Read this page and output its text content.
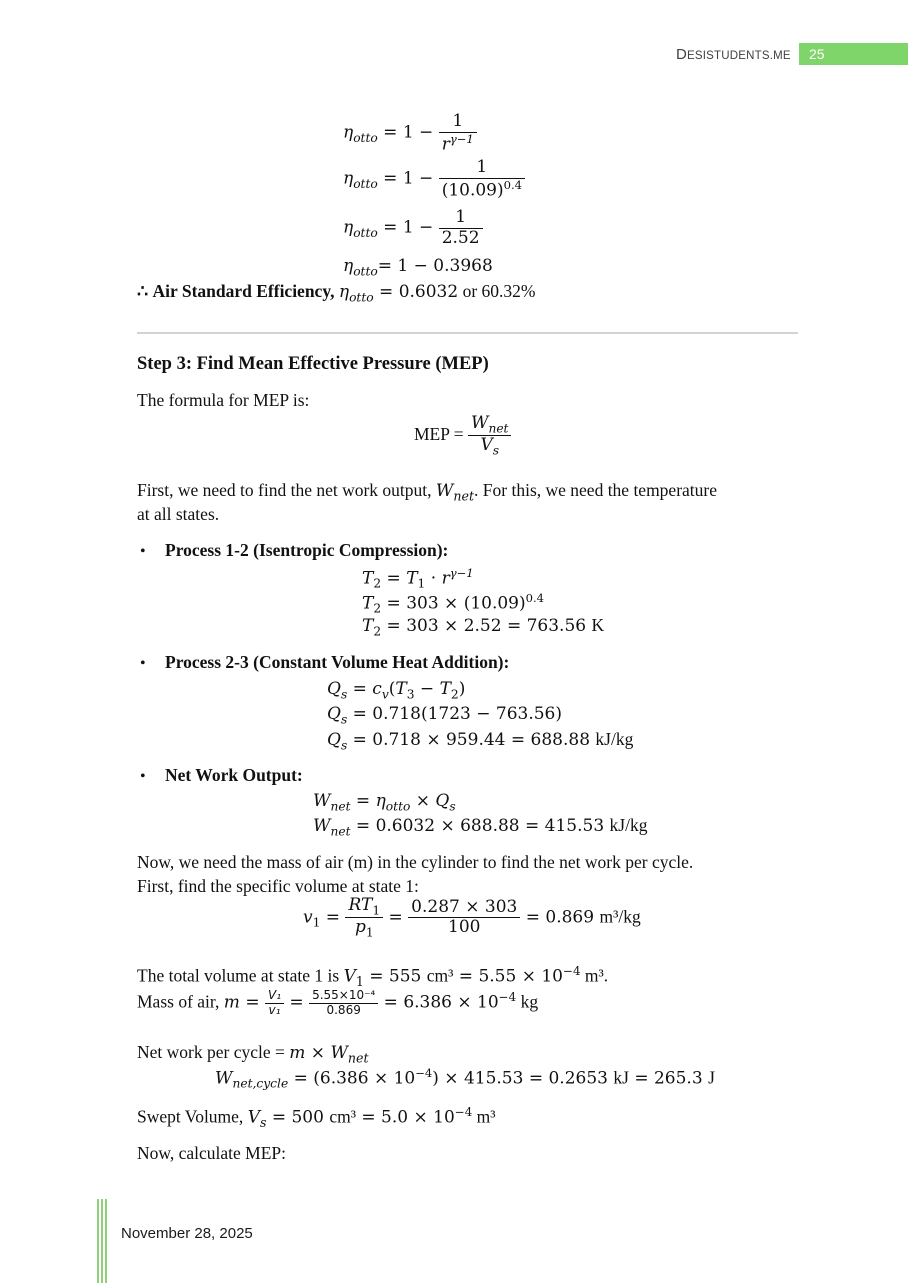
DESISTUDENTS.ME	25
$\eta_{otto} = 1 - \frac{1}{r^{\gamma-1}}$
$\eta_{otto} = 1 - \frac{1}{(10.09)^{0.4}}$
$\eta_{otto} = 1 - \frac{1}{2.52}$
$\eta_{otto}= 1 - 0.3968$
∴ Air Standard Efficiency, $\eta_{otto} = 0.6032$ or 60.32%
Step 3: Find Mean Effective Pressure (MEP)
The formula for MEP is:
MEP = $\frac{W_{net}}{V_s}$
First, we need to find the net work output, $W_{net}$. For this, we need the temperature
at all states.
• Process 1-2 (Isentropic Compression):
$T_2 = T_1 \cdot r^{\gamma-1}$
$T_2 = 303 \times (10.09)^{0.4}$
$T_2 = 303 \times 2.52 = 763.56$ K
• Process 2-3 (Constant Volume Heat Addition):
$Q_s = c_v(T_3 - T_2)$
$Q_s = 0.718(1723 - 763.56)$
$Q_s = 0.718 \times 959.44 = 688.88$ kJ/kg
• Net Work Output:
$W_{net} = \eta_{otto} \times Q_s$
$W_{net} = 0.6032 \times 688.88 = 415.53$ kJ/kg
Now, we need the mass of air (m) in the cylinder to find the net work per cycle.
First, find the specific volume at state 1:
$v_1 = \frac{RT_1}{p_1} = \frac{0.287 \times 303}{100} = 0.869$ m³/kg
The total volume at state 1 is $V_1 = 555$ $cm^3 = 5.55 \times 10^{-4}$ m³.
Mass of air, $m = \frac{\text{V₁}}{\text{v₁}} = \frac{\text{5.55×10⁻⁴}}{0.869} = 6.386 \times 10^{-4}$ kg
Net work per cycle = $m \times W_{net}$
$W_{net,cycle} = (6.386 \times 10^{-4}) \times 415.53 = 0.2653$ kJ = 265.3 J
Swept Volume, $V_s = 500$ $cm^3 = 5.0 \times 10^{-4}$ m³
Now, calculate MEP:
November 28, 2025
